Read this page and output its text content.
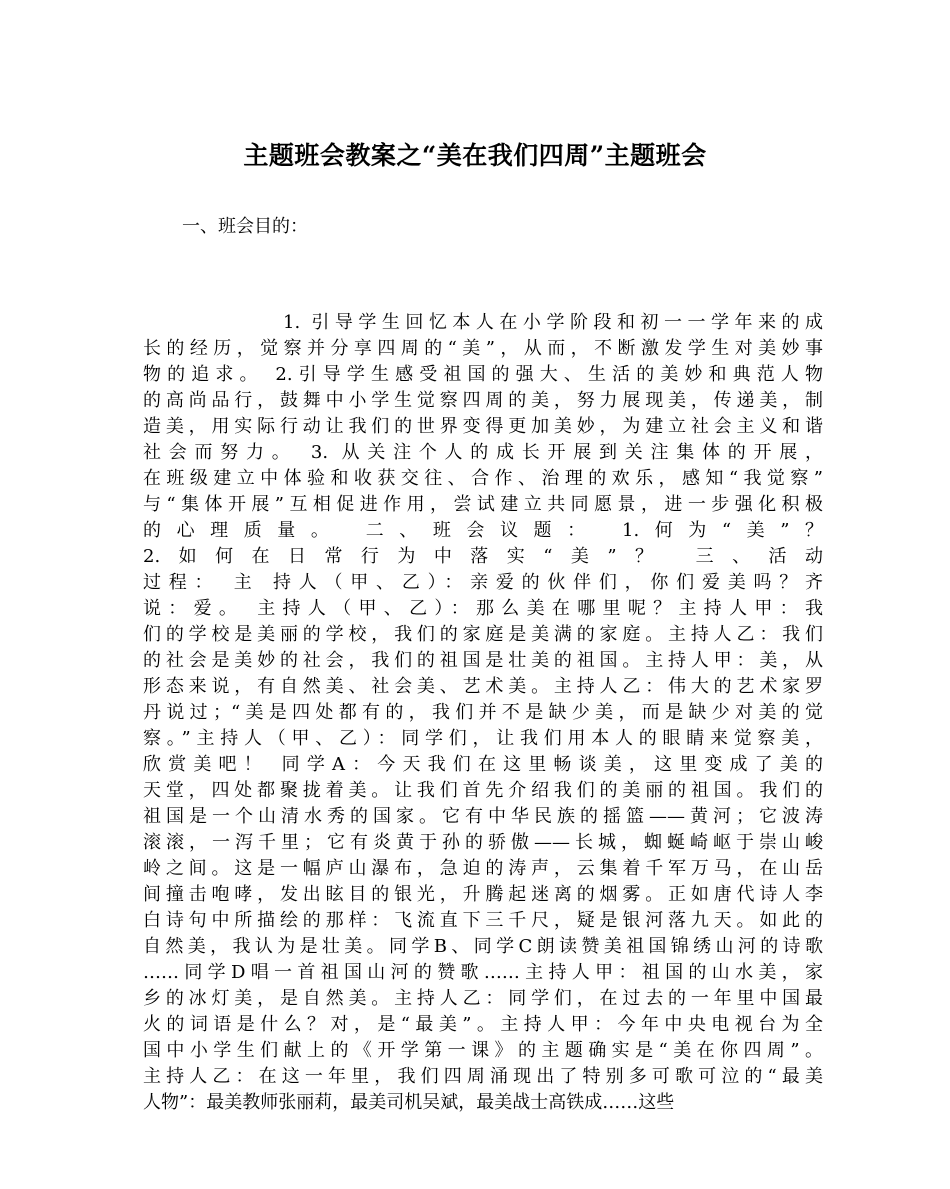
主题班会教案之“美在我们四周”主题班会
一、班会目的：
1. 引导学生回忆本人在小学阶段和初一一学年来的成
长的经历，觉察并分享四周的“美”，从而，不断激发学生对美妙事
物的追求。 2.引导学生感受祖国的强大、生活的美妙和典范人物
的高尚品行，鼓舞中小学生觉察四周的美，努力展现美，传递美，制
造美，用实际行动让我们的世界变得更加美妙，为建立社会主义和谐
社会而努力。 3. 从关注个人的成长开展到关注集体的开展，
在班级建立中体验和收获交往、合作、治理的欢乐，感知“我觉察”
与“集体开展”互相促进作用，尝试建立共同愿景，进一步强化积极
的心理质量。 二、班会议题： 1.何为“美”？
2.如何在日常行为中落实“美”？ 三、活动
过程： 主 持人（甲、乙）：亲爱的伙伴们，你们爱美吗？齐
说：爱。 主持人（甲、乙）：那么美在哪里呢？主持人甲：我
们的学校是美丽的学校，我们的家庭是美满的家庭。主持人乙：我们
的社会是美妙的社会，我们的祖国是壮美的祖国。主持人甲：美，从
形态来说，有自然美、社会美、艺术美。主持人乙：伟大的艺术家罗
丹说过；“美是四处都有的，我们并不是缺少美，而是缺少对美的觉
察。”主持人（甲、乙）：同学们，让我们用本人的眼睛来觉察美，
欣赏美吧！ 同学A：今天我们在这里畅谈美，这里变成了美的
天堂，四处都聚拢着美。让我们首先介绍我们的美丽的祖国。我们的
祖国是一个山清水秀的国家。它有中华民族的摇篮——黄河；它波涛
滚滚，一泻千里；它有炎黄于孙的骄傲——长城，蜘蜒崎岖于崇山峻
岭之间。这是一幅庐山瀑布，急迫的涛声，云集着千军万马，在山岳
间撞击咆哮，发出眩目的银光，升腾起迷离的烟雾。正如唐代诗人李
白诗句中所描绘的那样：飞流直下三千尺，疑是银河落九天。如此的
自然美，我认为是壮美。同学B、同学C朗读赞美祖国锦绣山河的诗歌
……同学D唱一首祖国山河的赞歌……主持人甲：祖国的山水美，家
乡的冰灯美，是自然美。主持人乙：同学们，在过去的一年里中国最
火的词语是什么？对，是“最美”。主持人甲：今年中央电视台为全
国中小学生们献上的《开学第一课》的主题确实是“美在你四周”。
主持人乙：在这一年里，我们四周涌现出了特别多可歌可泣的“最美
人物”：最美教师张丽莉，最美司机吴斌，最美战士高铁成……这些
